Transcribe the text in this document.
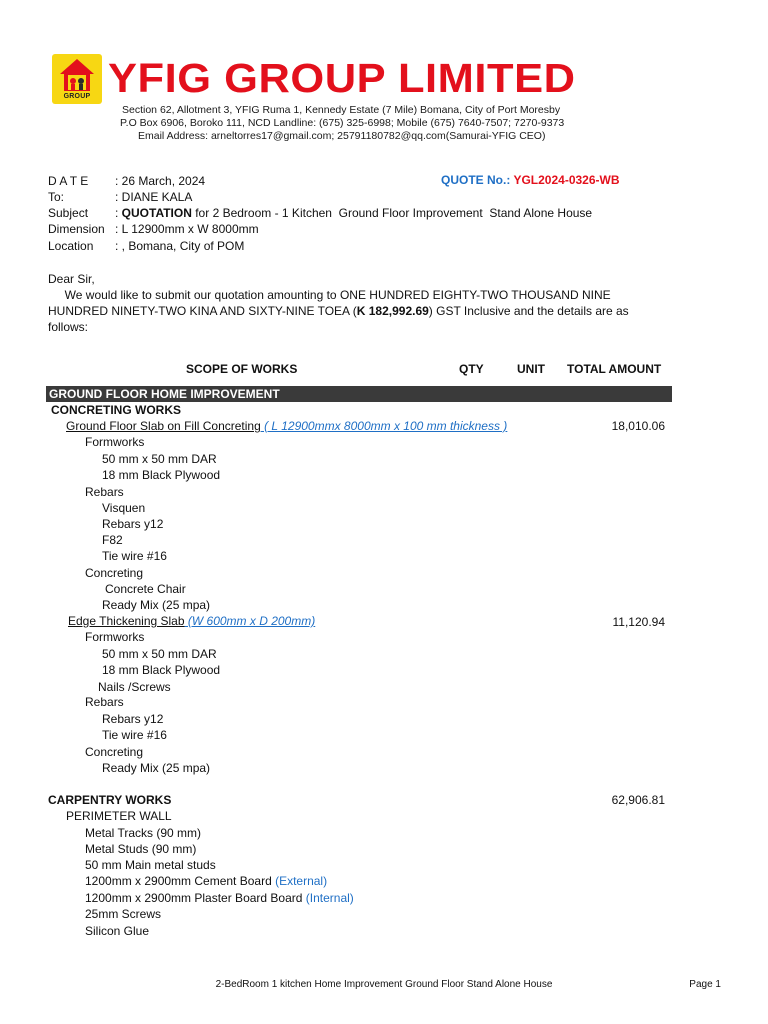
GROUP YFIG GROUP LIMITED
Section 62, Allotment 3, YFIG Ruma 1, Kennedy Estate (7 Mile) Bomana, City of Port Moresby
P.O Box 6906, Boroko 111, NCD Landline: (675) 325-6998; Mobile (675) 7640-7507; 7270-9373
Email Address: arneltorres17@gmail.com; 25791180782@qq.com(Samurai-YFIG CEO)
D A T E : 26 March, 2024	QUOTE No.: YGL2024-0326-WB
To:	: DIANE KALA
Subject : QUOTATION for 2 Bedroom - 1 Kitchen  Ground Floor Improvement  Stand Alone House
Dimension : L 12900mm x W 8000mm
Location : , Bomana, City of POM
Dear Sir,
We would like to submit our quotation amounting to ONE HUNDRED EIGHTY-TWO THOUSAND NINE HUNDRED NINETY-TWO KINA AND SIXTY-NINE TOEA (K 182,992.69) GST Inclusive and the details are as follows:
SCOPE OF WORKS	QTY	UNIT TOTAL AMOUNT
GROUND FLOOR HOME IMPROVEMENT
CONCRETING WORKS
Ground Floor Slab on Fill Concreting ( L 12900mmx 8000mm x 100 mm thickness )	18,010.06
Formworks
50 mm x 50 mm DAR
18 mm Black Plywood
Rebars
Visquen
Rebars y12
F82
Tie wire #16
Concreting
Concrete Chair
Ready Mix (25 mpa)
Edge Thickening Slab (W 600mm x D 200mm)	11,120.94
Formworks
50 mm x 50 mm DAR
18 mm Black Plywood
Nails /Screws
Rebars
Rebars y12
Tie wire #16
Concreting
Ready Mix (25 mpa)
CARPENTRY WORKS	62,906.81
PERIMETER WALL
Metal Tracks (90 mm)
Metal Studs (90 mm)
50 mm Main metal studs
1200mm x 2900mm Cement Board (External)
1200mm x 2900mm Plaster Board Board (Internal)
25mm Screws
Silicon Glue
2-BedRoom 1 kitchen Home Improvement Ground Floor Stand Alone House	Page 1
